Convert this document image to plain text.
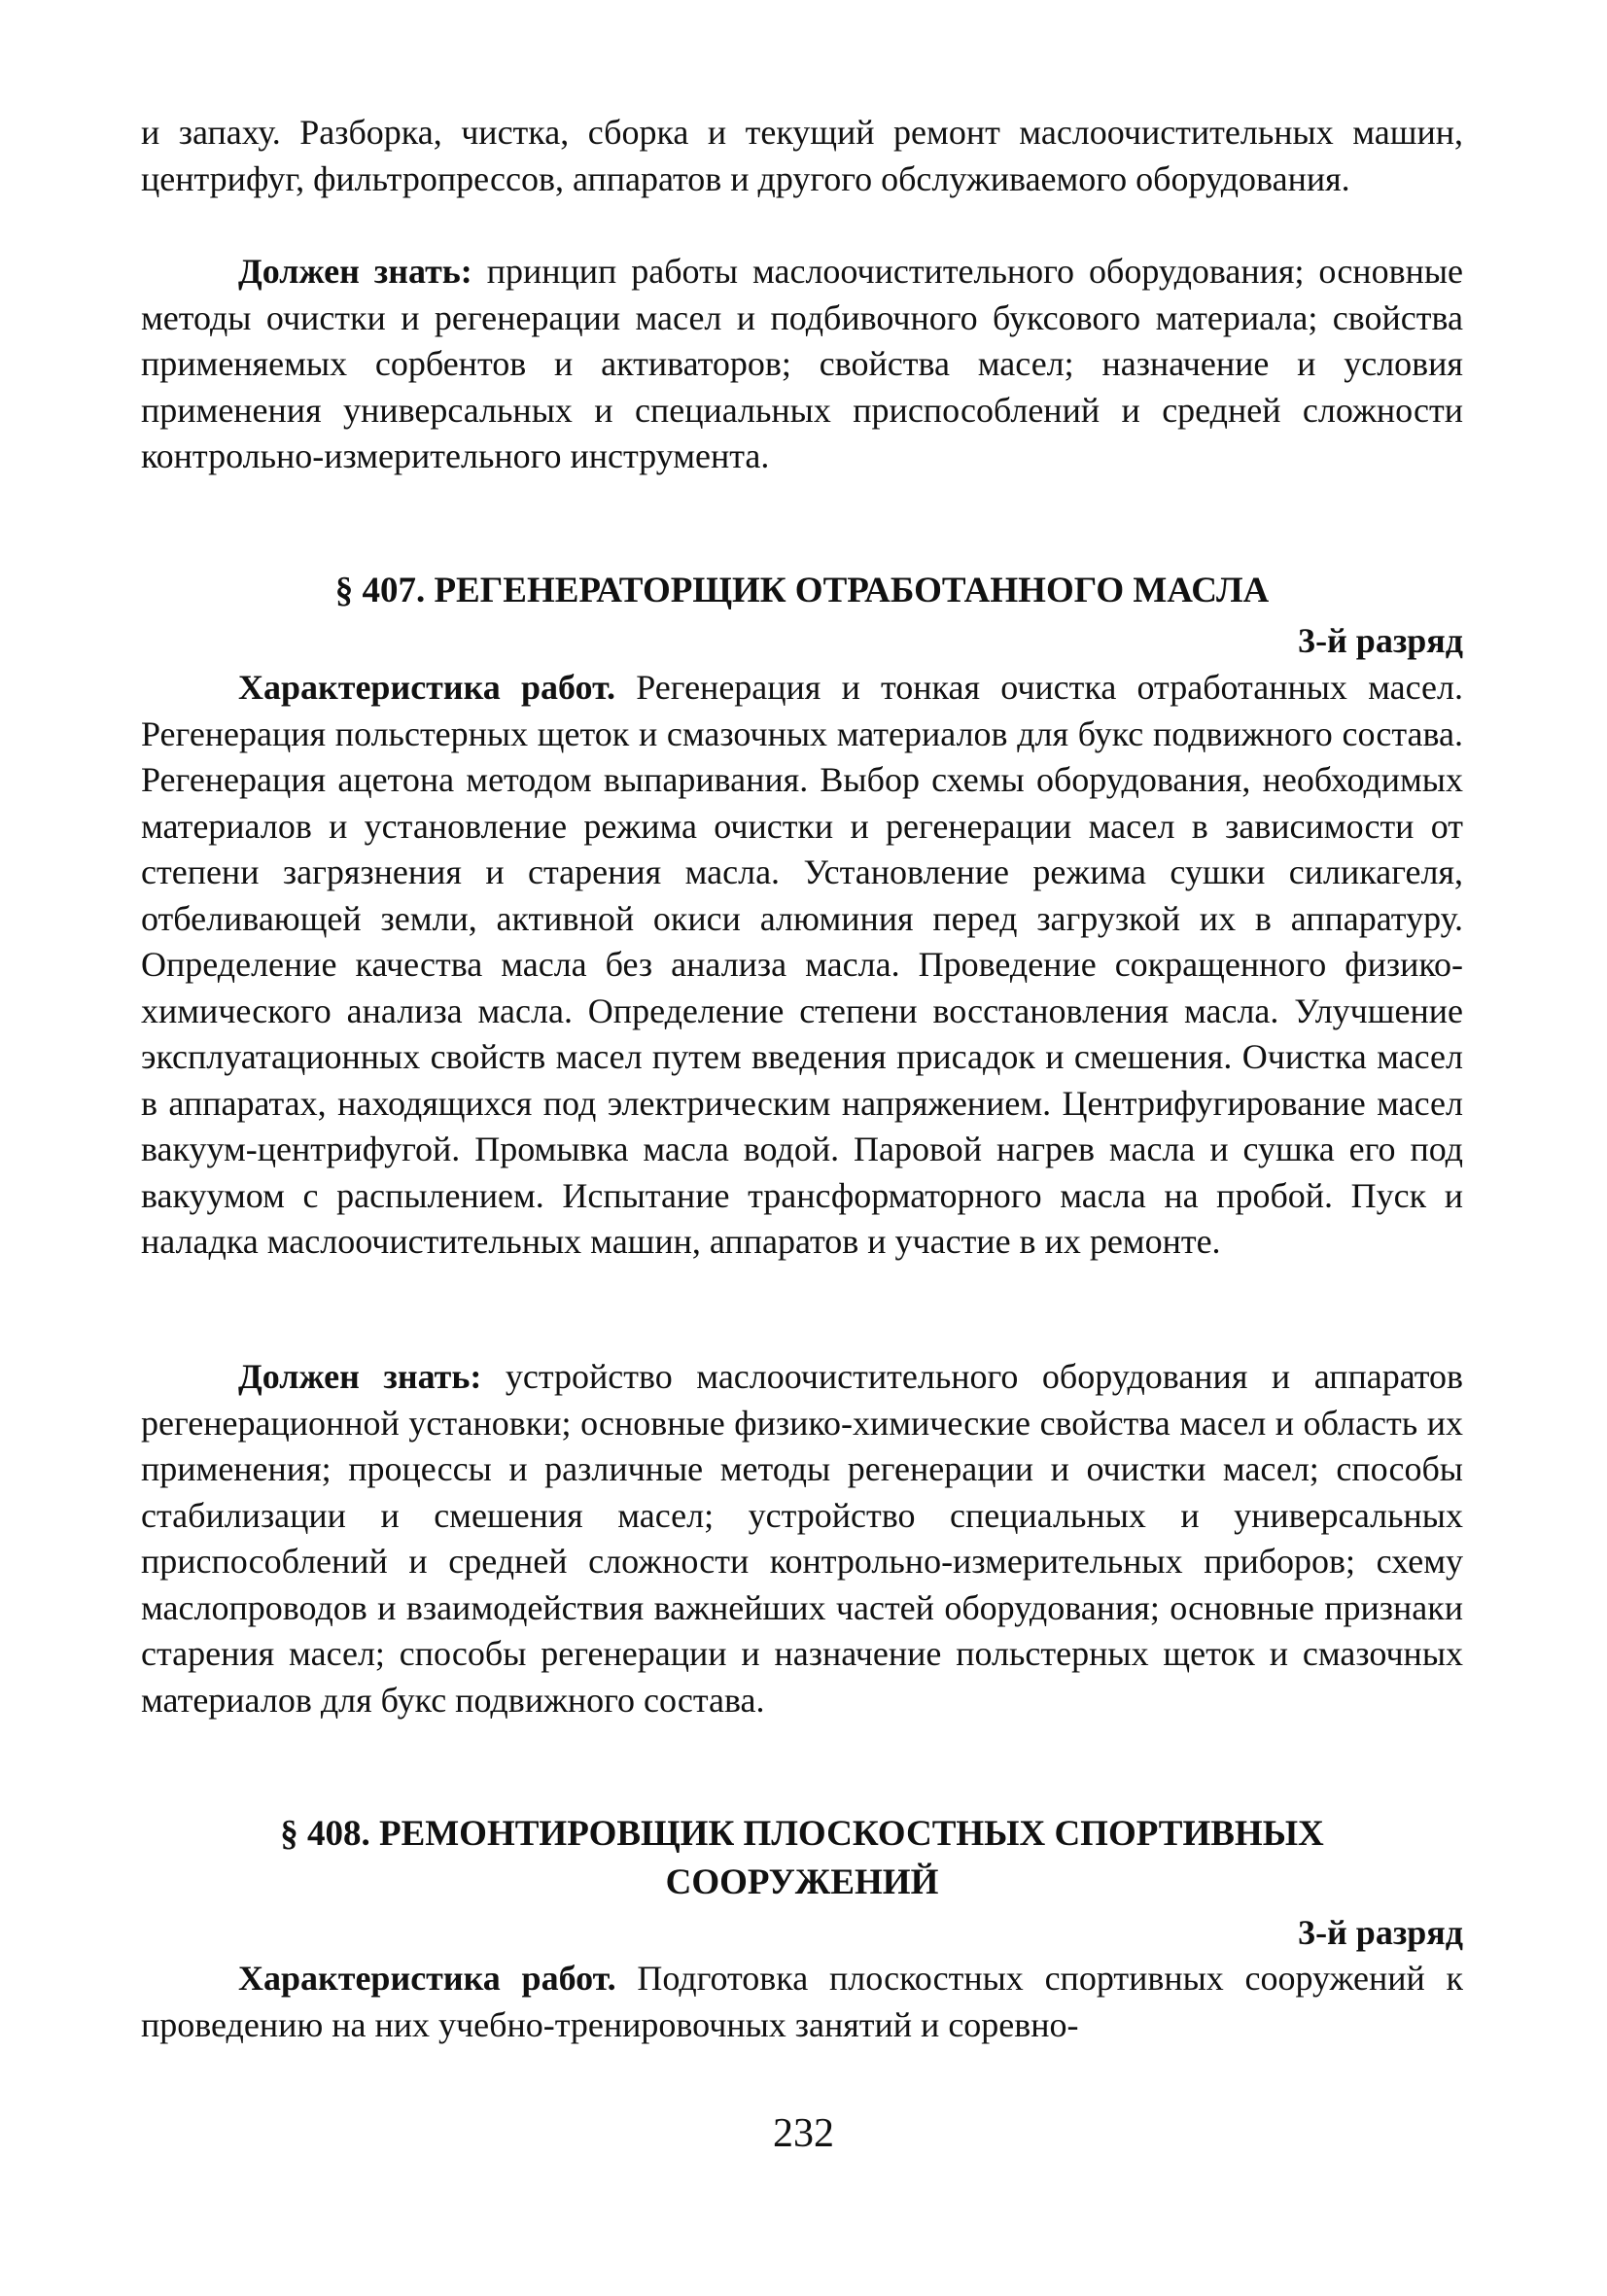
и запаху. Разборка, чистка, сборка и текущий ремонт маслоочистительных машин, центрифуг, фильтропрессов, аппаратов и другого обслуживаемого оборудования.

Должен знать: принцип работы маслоочистительного оборудования; основные методы очистки и регенерации масел и подбивочного буксового материала; свойства применяемых сорбентов и активаторов; свойства масел; назначение и условия применения универсальных и специальных приспособлений и средней сложности контрольно-измерительного инструмента.

§ 407. РЕГЕНЕРАТОРЩИК ОТРАБОТАННОГО МАСЛА
3-й разряд

Характеристика работ. Регенерация и тонкая очистка отработанных масел. Регенерация польстерных щеток и смазочных материалов для букс подвижного состава. Регенерация ацетона методом выпаривания. Выбор схемы оборудования, необходимых материалов и установление режима очистки и регенерации масел в зависимости от степени загрязнения и старения масла. Установление режима сушки силикагеля, отбеливающей земли, активной окиси алюминия перед загрузкой их в аппаратуру. Определение качества масла без анализа масла. Проведение сокращенного физико-химического анализа масла. Определение степени восстановления масла. Улучшение эксплуатационных свойств масел путем введения присадок и смешения. Очистка масел в аппаратах, находящихся под электрическим напряжением. Центрифугирование масел вакуум-центрифугой. Промывка масла водой. Паровой нагрев масла и сушка его под вакуумом с распылением. Испытание трансформаторного масла на пробой. Пуск и наладка маслоочистительных машин, аппаратов и участие в их ремонте.

Должен знать: устройство маслоочистительного оборудования и аппаратов регенерационной установки; основные физико-химические свойства масел и область их применения; процессы и различные методы регенерации и очистки масел; способы стабилизации и смешения масел; устройство специальных и универсальных приспособлений и средней сложности контрольно-измерительных приборов; схему маслопроводов и взаимодействия важнейших частей оборудования; основные признаки старения масел; способы регенерации и назначение польстерных щеток и смазочных материалов для букс подвижного состава.

§ 408. РЕМОНТИРОВЩИК ПЛОСКОСТНЫХ СПОРТИВНЫХ
СООРУЖЕНИЙ
3-й разряд

Характеристика работ. Подготовка плоскостных спортивных сооружений к проведению на них учебно-тренировочных занятий и соревно-

232
